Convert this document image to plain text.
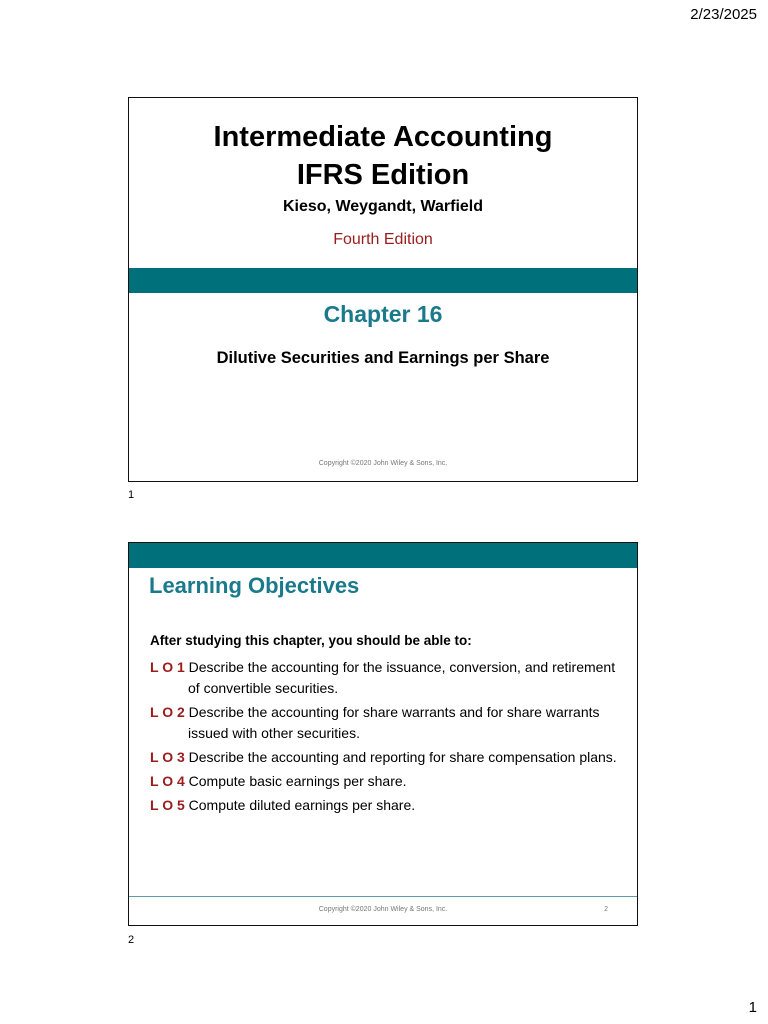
2/23/2025
Intermediate Accounting
IFRS Edition
Kieso, Weygandt, Warfield
Fourth Edition
Chapter 16
Dilutive Securities and Earnings per Share
Copyright ©2020 John Wiley & Sons, Inc.
1
Learning Objectives
After studying this chapter, you should be able to:
L O 1 Describe the accounting for the issuance, conversion, and retirement of convertible securities.
L O 2 Describe the accounting for share warrants and for share warrants issued with other securities.
L O 3 Describe the accounting and reporting for share compensation plans.
L O 4 Compute basic earnings per share.
L O 5 Compute diluted earnings per share.
Copyright ©2020 John Wiley & Sons, Inc.	2
2
1
